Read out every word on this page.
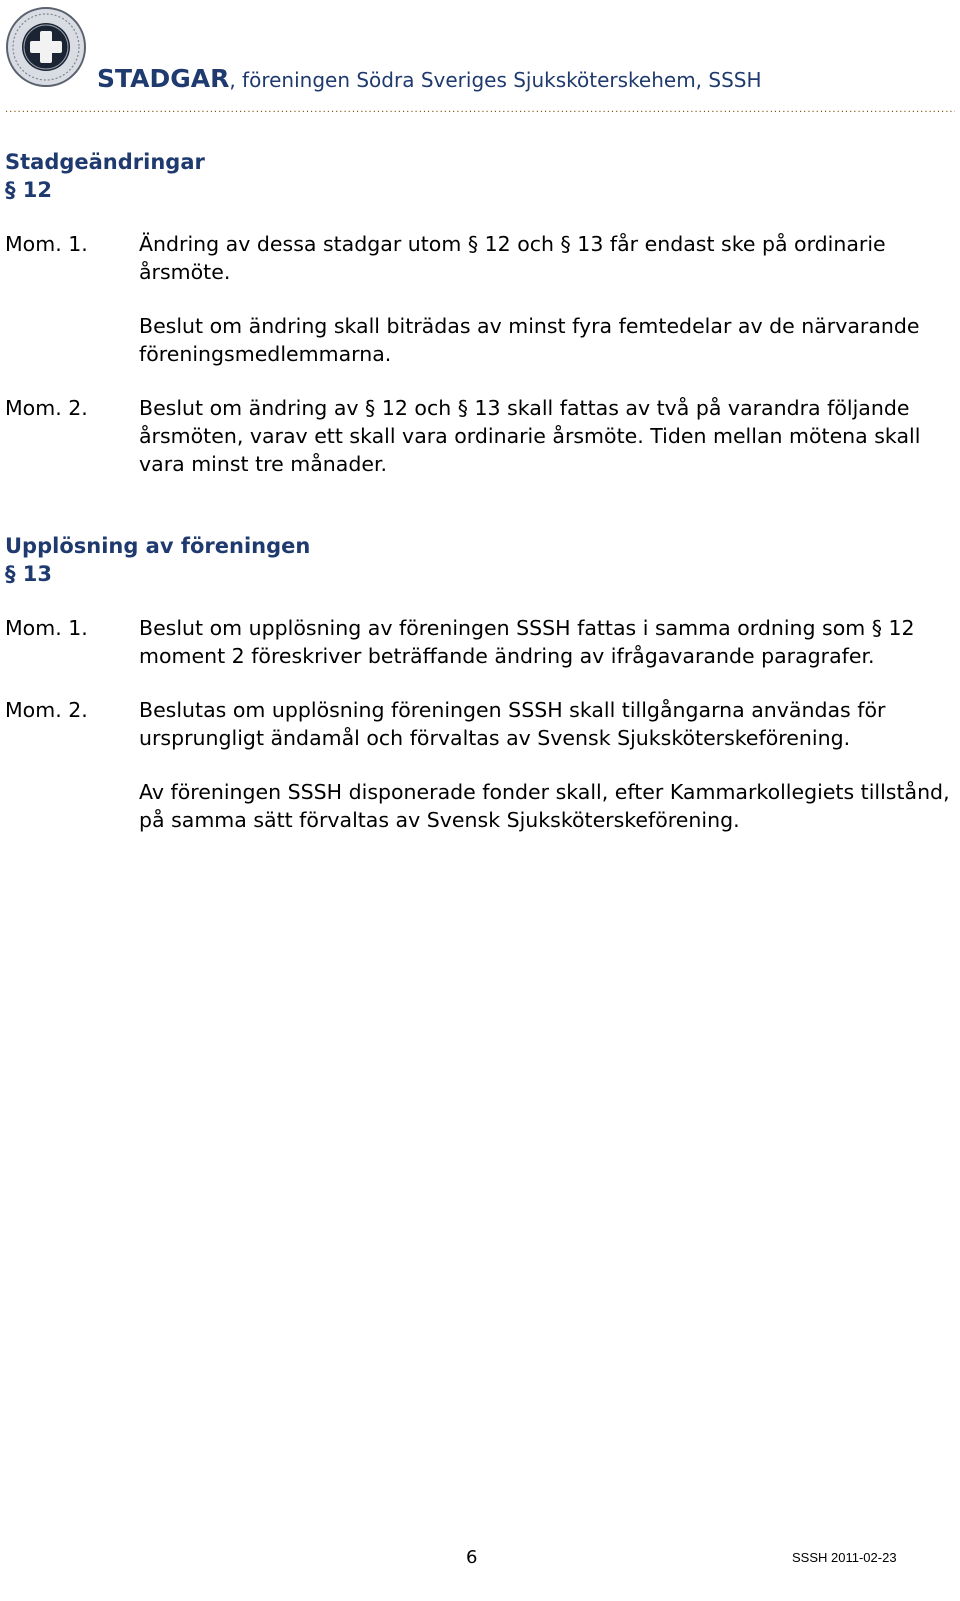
STADGAR, föreningen Södra Sveriges Sjuksköterskehem, SSSH
.....
Stadgeändringar
§ 12
Mom. 1.	Ändring av dessa stadgar utom § 12 och § 13 får endast ske på ordinarie årsmöte.

Beslut om ändring skall biträdas av minst fyra femtedelar av de närvarande föreningsmedlemmarna.

Mom. 2.	Beslut om ändring av § 12 och § 13 skall fattas av två på varandra följande årsmöten, varav ett skall vara ordinarie årsmöte. Tiden mellan mötena skall vara minst tre månader.

Upplösning av föreningen
§ 13
Mom. 1.	Beslut om upplösning av föreningen SSSH fattas i samma ordning som § 12 moment 2 föreskriver beträffande ändring av ifrågavarande paragrafer.

Mom. 2.	Beslutas om upplösning föreningen SSSH skall tillgångarna användas för ursprungligt ändamål och förvaltas av Svensk Sjuksköterskeförening.

Av föreningen SSSH disponerade fonder skall, efter Kammarkollegiets tillstånd, på samma sätt förvaltas av Svensk Sjuksköterskeförening.

6	SSSH 2011-02-23
